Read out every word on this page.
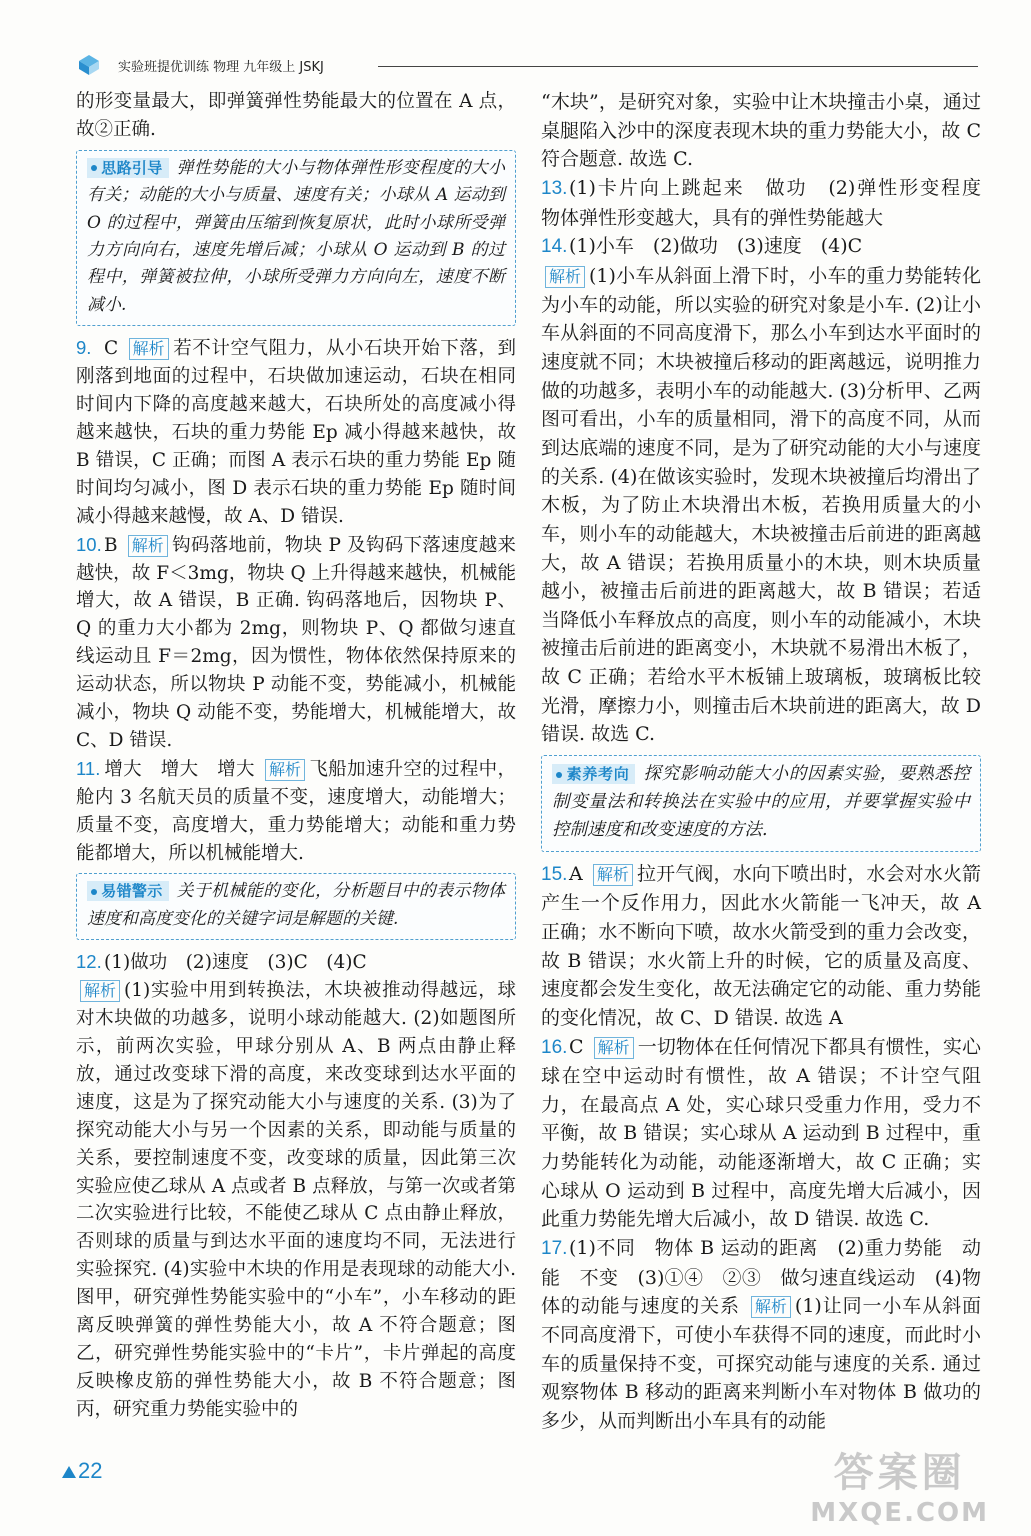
实验班提优训练 物理 九年级上 JSKJ

的形变量最大，即弹簧弹性势能最大的位置在 A 点，故②正确.

思路引导 弹性势能的大小与物体弹性形变程度的大小有关；动能的大小与质量、速度有关；小球从 A 运动到 O 的过程中，弹簧由压缩到恢复原状，此时小球所受弹力方向向右，速度先增后减；小球从 O 运动到 B 的过程中，弹簧被拉伸，小球所受弹力方向向左，速度不断减小.

9. C 解析 若不计空气阻力，从小石块开始下落，到刚落到地面的过程中，石块做加速运动，石块在相同时间内下降的高度越来越大，石块所处的高度减小得越来越快，石块的重力势能 Ep 减小得越来越快，故 B 错误，C 正确；而图 A 表示石块的重力势能 Ep 随时间均匀减小，图 D 表示石块的重力势能 Ep 随时间减小得越来越慢，故 A、D 错误.

10. B 解析 钩码落地前，物块 P 及钩码下落速度越来越快，故 F＜3mg，物块 Q 上升得越来越快，机械能增大，故 A 错误，B 正确. 钩码落地后，因物块 P、Q 的重力大小都为 2mg，则物块 P、Q 都做匀速直线运动且 F＝2mg，因为惯性，物体依然保持原来的运动状态，所以物块 P 动能不变，势能减小，机械能减小，物块 Q 动能不变，势能增大，机械能增大，故 C、D 错误.

11. 增大　增大　增大 解析 飞船加速升空的过程中，舱内 3 名航天员的质量不变，速度增大，动能增大；质量不变，高度增大，重力势能增大；动能和重力势能都增大，所以机械能增大.

易错警示 关于机械能的变化，分析题目中的表示物体速度和高度变化的关键字词是解题的关键.

12. (1)做功　(2)速度　(3)C　(4)C

解析 (1)实验中用到转换法，木块被推动得越远，球对木块做的功越多，说明小球动能越大. (2)如题图所示，前两次实验，甲球分别从 A、B 两点由静止释放，通过改变球下滑的高度，来改变球到达水平面的速度，这是为了探究动能大小与速度的关系. (3)为了探究动能大小与另一个因素的关系，即动能与质量的关系，要控制速度不变，改变球的质量，因此第三次实验应使乙球从 A 点或者 B 点释放，与第一次或者第二次实验进行比较，不能使乙球从 C 点由静止释放，否则球的质量与到达水平面的速度均不同，无法进行实验探究. (4)实验中木块的作用是表现球的动能大小. 图甲，研究弹性势能实验中的“小车”，小车移动的距离反映弹簧的弹性势能大小，故 A 不符合题意；图乙，研究弹性势能实验中的“卡片”，卡片弹起的高度反映橡皮筋的弹性势能大小，故 B 不符合题意；图丙，研究重力势能实验中的

“木块”，是研究对象，实验中让木块撞击小桌，通过桌腿陷入沙中的深度表现木块的重力势能大小，故 C 符合题意. 故选 C.

13.(1)卡片向上跳起来　做功　(2)弹性形变程度　物体弹性形变越大，具有的弹性势能越大

14.(1)小车　(2)做功　(3)速度　(4)C

解析 (1)小车从斜面上滑下时，小车的重力势能转化为小车的动能，所以实验的研究对象是小车. (2)让小车从斜面的不同高度滑下，那么小车到达水平面时的速度就不同；木块被撞后移动的距离越远，说明推力做的功越多，表明小车的动能越大. (3)分析甲、乙两图可看出，小车的质量相同，滑下的高度不同，从而到达底端的速度不同，是为了研究动能的大小与速度的关系. (4)在做该实验时，发现木块被撞后均滑出了木板，为了防止木块滑出木板，若换用质量大的小车，则小车的动能越大，木块被撞击后前进的距离越大，故 A 错误；若换用质量小的木块，则木块质量越小，被撞击后前进的距离越大，故 B 错误；若适当降低小车释放点的高度，则小车的动能减小，木块被撞击后前进的距离变小，木块就不易滑出木板了，故 C 正确；若给水平木板铺上玻璃板，玻璃板比较光滑，摩擦力小，则撞击后木块前进的距离大，故 D 错误. 故选 C.

素养考向 探究影响动能大小的因素实验，要熟悉控制变量法和转换法在实验中的应用，并要掌握实验中控制速度和改变速度的方法.

15.A 解析 拉开气阀，水向下喷出时，水会对水火箭产生一个反作用力，因此水火箭能一飞冲天，故 A 正确；水不断向下喷，故水火箭受到的重力会改变，故 B 错误；水火箭上升的时候，它的质量及高度、速度都会发生变化，故无法确定它的动能、重力势能的变化情况，故 C、D 错误. 故选 A

16.C 解析 一切物体在任何情况下都具有惯性，实心球在空中运动时有惯性，故 A 错误；不计空气阻力，在最高点 A 处，实心球只受重力作用，受力不平衡，故 B 错误；实心球从 A 运动到 B 过程中，重力势能转化为动能，动能逐渐增大，故 C 正确；实心球从 O 运动到 B 过程中，高度先增大后减小，因此重力势能先增大后减小，故 D 错误. 故选 C.

17.(1)不同　物体 B 运动的距离　(2)重力势能　动能　不变　(3)①④　②③　做匀速直线运动　(4)物体的动能与速度的关系 解析 (1)让同一小车从斜面不同高度滑下，可使小车获得不同的速度，而此时小车的质量保持不变，可探究动能与速度的关系. 通过观察物体 B 移动的距离来判断小车对物体 B 做功的多少，从而判断出小车具有的动能

22	答案圈
MXQE.COM
